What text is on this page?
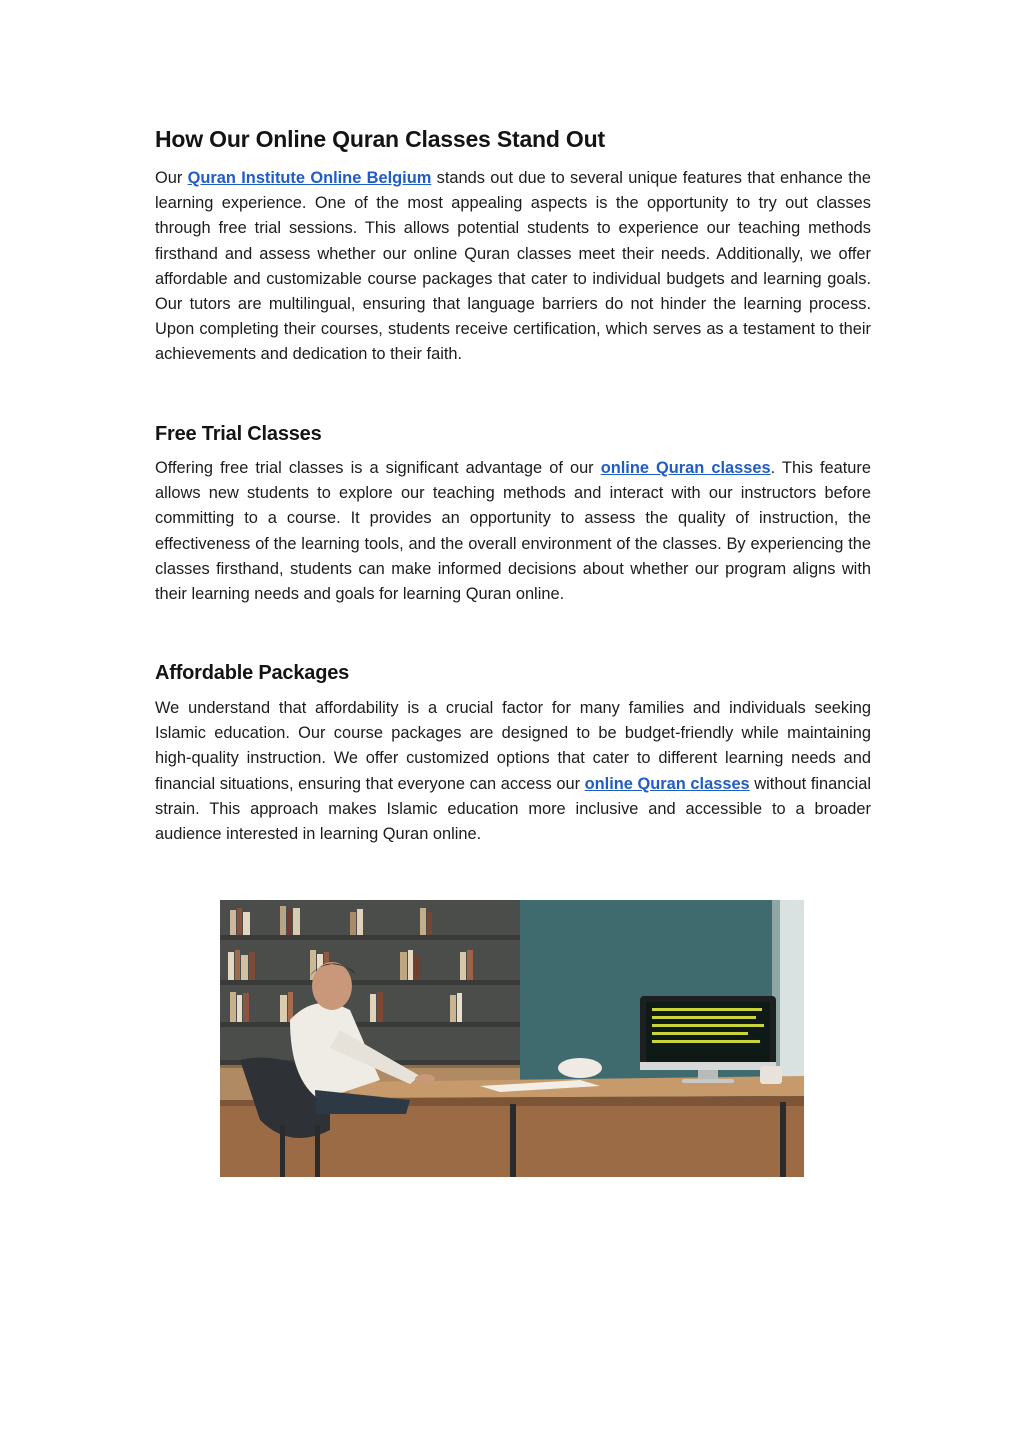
How Our Online Quran Classes Stand Out

Our Quran Institute Online Belgium stands out due to several unique features that enhance the learning experience. One of the most appealing aspects is the opportunity to try out classes through free trial sessions. This allows potential students to experience our teaching methods firsthand and assess whether our online Quran classes meet their needs. Additionally, we offer affordable and customizable course packages that cater to individual budgets and learning goals. Our tutors are multilingual, ensuring that language barriers do not hinder the learning process. Upon completing their courses, students receive certification, which serves as a testament to their achievements and dedication to their faith.

Free Trial Classes

Offering free trial classes is a significant advantage of our online Quran classes. This feature allows new students to explore our teaching methods and interact with our instructors before committing to a course. It provides an opportunity to assess the quality of instruction, the effectiveness of the learning tools, and the overall environment of the classes. By experiencing the classes firsthand, students can make informed decisions about whether our program aligns with their learning needs and goals for learning Quran online.

Affordable Packages

We understand that affordability is a crucial factor for many families and individuals seeking Islamic education. Our course packages are designed to be budget-friendly while maintaining high-quality instruction. We offer customized options that cater to different learning needs and financial situations, ensuring that everyone can access our online Quran classes without financial strain. This approach makes Islamic education more inclusive and accessible to a broader audience interested in learning Quran online.
